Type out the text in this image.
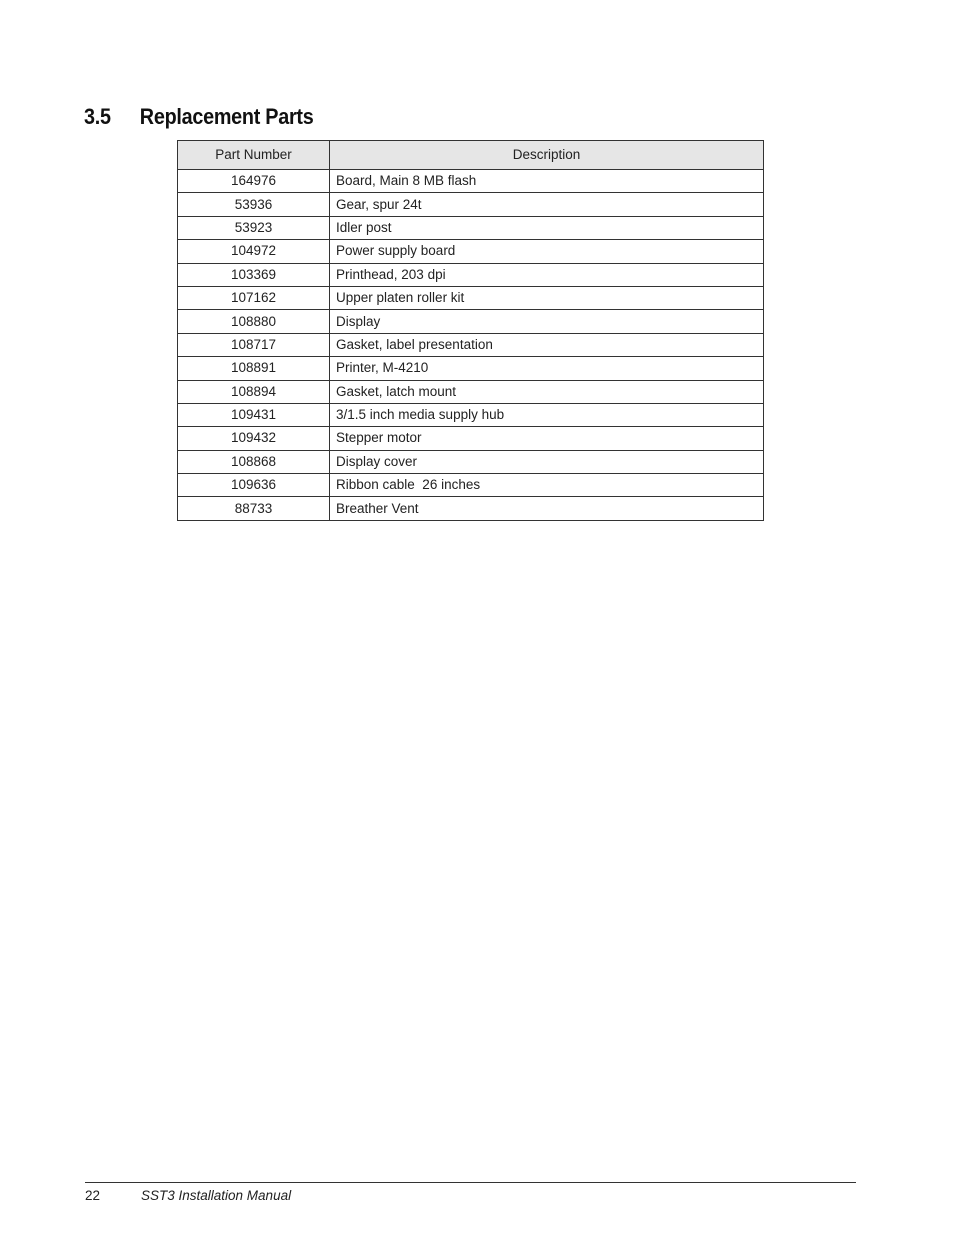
3.5 Replacement Parts
Part Number	Description
164976	Board, Main 8 MB flash
53936	Gear, spur 24t
53923	Idler post
104972	Power supply board
103369	Printhead, 203 dpi
107162	Upper platen roller kit
108880	Display
108717	Gasket, label presentation
108891	Printer, M-4210
108894	Gasket, latch mount
109431	3/1.5 inch media supply hub
109432	Stepper motor
108868	Display cover
109636	Ribbon cable  26 inches
88733	Breather Vent
22	SST3 Installation Manual
